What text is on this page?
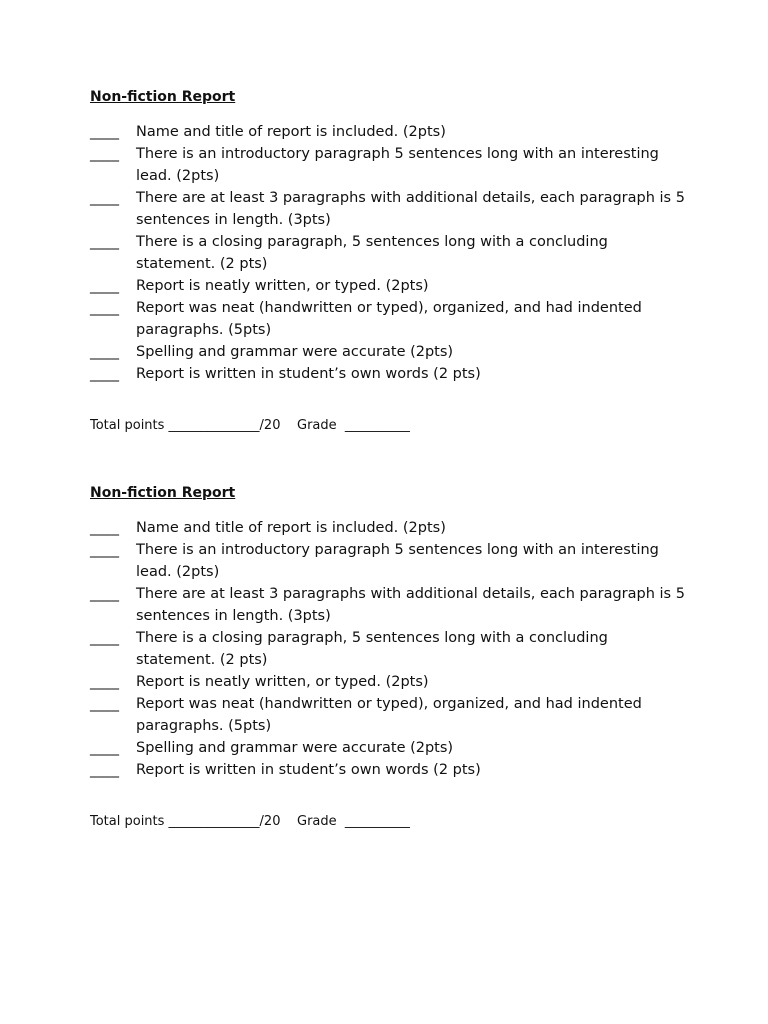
Non-fiction Report
____	Name and title of report is included. (2pts)
____	There is an introductory paragraph 5 sentences long with an interesting lead. (2pts)
____	There are at least 3 paragraphs with additional details, each paragraph is 5 sentences in length. (3pts)
____	There is a closing paragraph, 5 sentences long with a concluding statement. (2 pts)
____	Report is neatly written, or typed. (2pts)
____	Report was neat (handwritten or typed), organized, and had indented paragraphs. (5pts)
____	Spelling and grammar were accurate (2pts)
____	Report is written in student’s own words (2 pts)
Total points ______________/20    Grade  __________
Non-fiction Report
____	Name and title of report is included. (2pts)
____	There is an introductory paragraph 5 sentences long with an interesting lead. (2pts)
____	There are at least 3 paragraphs with additional details, each paragraph is 5 sentences in length. (3pts)
____	There is a closing paragraph, 5 sentences long with a concluding statement. (2 pts)
____	Report is neatly written, or typed. (2pts)
____	Report was neat (handwritten or typed), organized, and had indented paragraphs. (5pts)
____	Spelling and grammar were accurate (2pts)
____	Report is written in student’s own words (2 pts)
Total points ______________/20    Grade  __________
